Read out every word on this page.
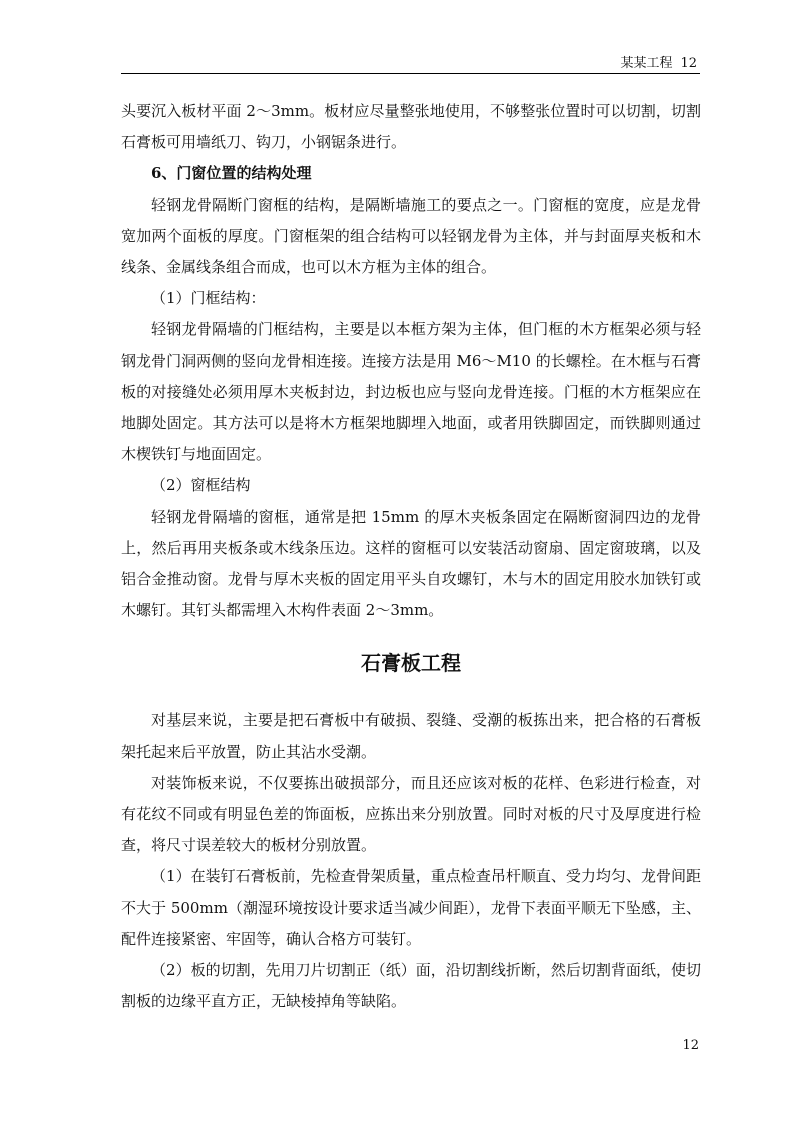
某某工程 12

头要沉入板材平面 2～3mm。板材应尽量整张地使用，不够整张位置时可以切割，切割石膏板可用墙纸刀、钩刀，小钢锯条进行。

6、门窗位置的结构处理

轻钢龙骨隔断门窗框的结构，是隔断墙施工的要点之一。门窗框的宽度，应是龙骨宽加两个面板的厚度。门窗框架的组合结构可以轻钢龙骨为主体，并与封面厚夹板和木线条、金属线条组合而成，也可以木方框为主体的组合。

（1）门框结构：

轻钢龙骨隔墙的门框结构，主要是以本框方架为主体，但门框的木方框架必须与轻钢龙骨门洞两侧的竖向龙骨相连接。连接方法是用 M6～M10 的长螺栓。在木框与石膏板的对接缝处必须用厚木夹板封边，封边板也应与竖向龙骨连接。门框的木方框架应在地脚处固定。其方法可以是将木方框架地脚埋入地面，或者用铁脚固定，而铁脚则通过木楔铁钉与地面固定。

（2）窗框结构

轻钢龙骨隔墙的窗框，通常是把 15mm 的厚木夹板条固定在隔断窗洞四边的龙骨上，然后再用夹板条或木线条压边。这样的窗框可以安装活动窗扇、固定窗玻璃，以及铝合金推动窗。龙骨与厚木夹板的固定用平头自攻螺钉，木与木的固定用胶水加铁钉或木螺钉。其钉头都需埋入木构件表面 2～3mm。

石膏板工程

对基层来说，主要是把石膏板中有破损、裂缝、受潮的板拣出来，把合格的石膏板架托起来后平放置，防止其沾水受潮。

对装饰板来说，不仅要拣出破损部分，而且还应该对板的花样、色彩进行检查，对有花纹不同或有明显色差的饰面板，应拣出来分别放置。同时对板的尺寸及厚度进行检查，将尺寸误差较大的板材分别放置。

（1）在装钉石膏板前，先检查骨架质量，重点检查吊杆顺直、受力均匀、龙骨间距不大于 500mm（潮湿环境按设计要求适当减少间距），龙骨下表面平顺无下坠感，主、配件连接紧密、牢固等，确认合格方可装钉。

（2）板的切割，先用刀片切割正（纸）面，沿切割线折断，然后切割背面纸，使切割板的边缘平直方正，无缺棱掉角等缺陷。

12
